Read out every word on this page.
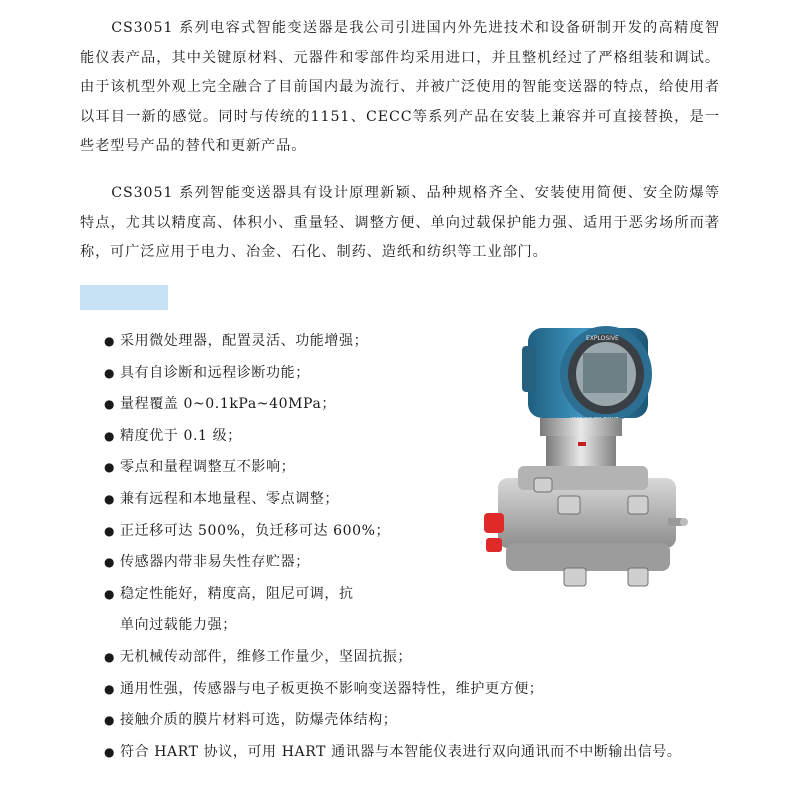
CS3051 系列电容式智能变送器是我公司引进国内外先进技术和设备研制开发的高精度智能仪表产品，其中关键原材料、元器件和零部件均采用进口，并且整机经过了严格组装和调试。由于该机型外观上完全融合了目前国内最为流行、并被广泛使用的智能变送器的特点，给使用者以耳目一新的感觉。同时与传统的1151、CECC等系列产品在安装上兼容并可直接替换，是一些老型号产品的替代和更新产品。

CS3051 系列智能变送器具有设计原理新颖、品种规格齐全、安装使用简便、安全防爆等特点，尤其以精度高、体积小、重量轻、调整方便、单向过载保护能力强、适用于恶劣场所而著称，可广泛应用于电力、冶金、石化、制药、造纸和纺织等工业部门。

● 采用微处理器，配置灵活、功能增强；
● 具有自诊断和远程诊断功能；
● 量程覆盖 0~0.1kPa~40MPa；
● 精度优于 0.1 级；
● 零点和量程调整互不影响；
● 兼有远程和本地量程、零点调整；
● 正迁移可达 500%，负迁移可达 600%；
● 传感器内带非易失性存贮器；
● 稳定性能好，精度高，阻尼可调，抗
单向过载能力强；
● 无机械传动部件，维修工作量少，坚固抗振；
● 通用性强，传感器与电子板更换不影响变送器特性，维护更方便；
● 接触介质的膜片材料可选，防爆壳体结构；
● 符合 HART 协议，可用 HART 通讯器与本智能仪表进行双向通讯而不中断输出信号。
EXPLOSIVE
